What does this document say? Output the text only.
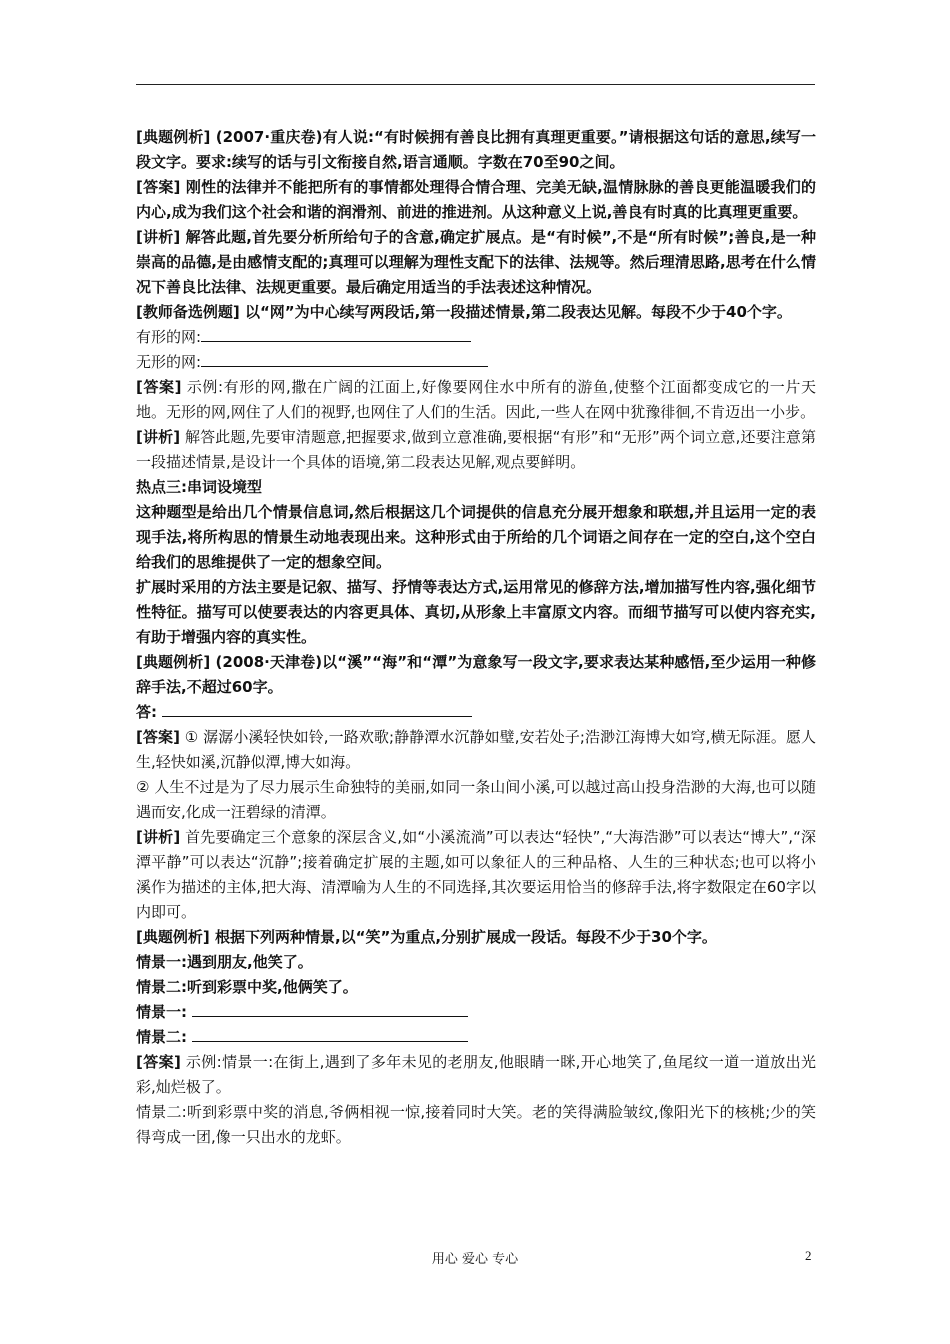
[典题例析] (2007·重庆卷)有人说:“有时候拥有善良比拥有真理更重要。”请根据这句话的意思,续写一段文字。要求:续写的话与引文衔接自然,语言通顺。字数在70至90之间。

[答案] 刚性的法律并不能把所有的事情都处理得合情合理、完美无缺,温情脉脉的善良更能温暖我们的内心,成为我们这个社会和谐的润滑剂、前进的推进剂。从这种意义上说,善良有时真的比真理更重要。

[讲析] 解答此题,首先要分析所给句子的含意,确定扩展点。是“有时候”,不是“所有时候”;善良,是一种崇高的品德,是由感情支配的;真理可以理解为理性支配下的法律、法规等。然后理清思路,思考在什么情况下善良比法律、法规更重要。最后确定用适当的手法表述这种情况。

[教师备选例题] 以“网”为中心续写两段话,第一段描述情景,第二段表达见解。每段不少于40个字。

有形的网:

无形的网:

[答案] 示例:有形的网,撒在广阔的江面上,好像要网住水中所有的游鱼,使整个江面都变成它的一片天地。无形的网,网住了人们的视野,也网住了人们的生活。因此,一些人在网中犹豫徘徊,不肯迈出一小步。

[讲析] 解答此题,先要审清题意,把握要求,做到立意准确,要根据“有形”和“无形”两个词立意,还要注意第一段描述情景,是设计一个具体的语境,第二段表达见解,观点要鲜明。

热点三:串词设境型

这种题型是给出几个情景信息词,然后根据这几个词提供的信息充分展开想象和联想,并且运用一定的表现手法,将所构思的情景生动地表现出来。这种形式由于所给的几个词语之间存在一定的空白,这个空白给我们的思维提供了一定的想象空间。

扩展时采用的方法主要是记叙、描写、抒情等表达方式,运用常见的修辞方法,增加描写性内容,强化细节性特征。描写可以使要表达的内容更具体、真切,从形象上丰富原文内容。而细节描写可以使内容充实,有助于增强内容的真实性。

[典题例析] (2008·天津卷)以“溪”“海”和“潭”为意象写一段文字,要求表达某种感悟,至少运用一种修辞手法,不超过60字。

答:

[答案] ① 潺潺小溪轻快如铃,一路欢歌;静静潭水沉静如璧,安若处子;浩渺江海博大如穹,横无际涯。愿人生,轻快如溪,沉静似潭,博大如海。

② 人生不过是为了尽力展示生命独特的美丽,如同一条山间小溪,可以越过高山投身浩渺的大海,也可以随遇而安,化成一汪碧绿的清潭。

[讲析] 首先要确定三个意象的深层含义,如“小溪流淌”可以表达“轻快”,“大海浩渺”可以表达“博大”,“深潭平静”可以表达“沉静”;接着确定扩展的主题,如可以象征人的三种品格、人生的三种状态;也可以将小溪作为描述的主体,把大海、清潭喻为人生的不同选择,其次要运用恰当的修辞手法,将字数限定在60字以内即可。

[典题例析] 根据下列两种情景,以“笑”为重点,分别扩展成一段话。每段不少于30个字。

情景一:遇到朋友,他笑了。

情景二:听到彩票中奖,他俩笑了。

情景一:

情景二:

[答案] 示例:情景一:在街上,遇到了多年未见的老朋友,他眼睛一眯,开心地笑了,鱼尾纹一道一道放出光彩,灿烂极了。

情景二:听到彩票中奖的消息,爷俩相视一惊,接着同时大笑。老的笑得满脸皱纹,像阳光下的核桃;少的笑得弯成一团,像一只出水的龙虾。

用心 爱心 专心	2
